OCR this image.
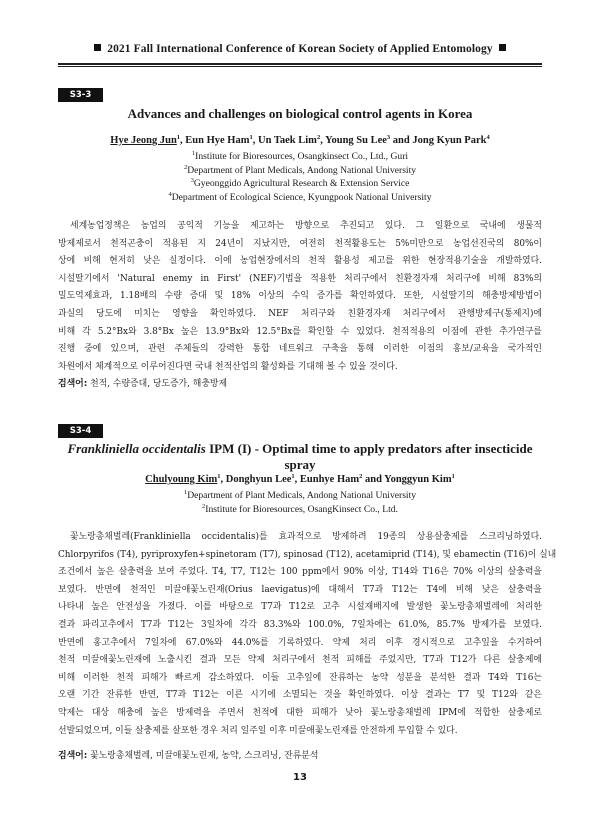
2021 Fall International Conference of Korean Society of Applied Entomology
S3-3
Advances and challenges on biological control agents in Korea
Hye Jeong Jun$^1$, Eun Hye Ham$^1$, Un Taek Lim$^2$, Young Su Lee$^3$ and Jong Kyun Park$^4$
$^1$Institute for Bioresources, Osangkinsect Co., Ltd., Guri
$^2$Department of Plant Medicals, Andong National University
$^3$Gyeonggido Agricultural Research & Extension Service
$^4$Department of Ecological Science, Kyungpook National University
세계농업정책은 농업의 공익적 기능을 제고하는 방향으로 추진되고 있다. 그 일환으로 국내에 생물적
방제제로서 천적곤충이 적용된 지 24년이 지났지만, 여전히 천적활용도는 5%미만으로 농업선진국의 80%이
상에 비해 현저히 낮은 실정이다. 이에 농업현장에서의 천적 활용성 제고를 위한 현장적용기술을 개발하였다.
시설딸기에서 'Natural enemy in First' (NEF)기법을 적용한 처리구에서 친환경자재 처리구에 비해 83%의
밀도억제효과, 1.18배의 수량 증대 및 18% 이상의 수익 증가를 확인하였다. 또한, 시설딸기의 해충방제방법이
과실의 당도에 미치는 영향을 확인하였다. NEF 처리구와 친환경자재 처리구에서 관행방제구(통제지)에
비해 각 5.2°Bx와 3.8°Bx 높은 13.9°Bx와 12.5°Bx를 확인할 수 있었다. 천적적용의 이점에 관한 추가연구를
진행 중에 있으며, 관련 주체들의 강력한 통합 네트워크 구축을 통해 이러한 이점의 홍보/교육을 국가적인
차원에서 체계적으로 이루어진다면 국내 천적산업의 활성화를 기대해 볼 수 있을 것이다.
검색어: 천적, 수량증대, 당도증가, 해충방제
S3-4
Frankliniella occidentalis IPM (I) - Optimal time to apply predators after insecticide spray
Chulyoung Kim$^1$, Donghyun Lee$^1$, Eunhye Ham$^2$ and Yonggyun Kim$^1$
$^1$Department of Plant Medicals, Andong National University
$^2$Institute for Bioresources, OsangKinsect Co., Ltd.
꽃노랑총채벌레(Frankliniella occidentalis)를 효과적으로 방제하려 19종의 상용살충제를 스크리닝하였다.
Chlorpyrifos (T4), pyriproxyfen+spinetoram (T7), spinosad (T12), acetamiprid (T14), 및 ebamectin (T16)이 실내
조건에서 높은 살충력을 보여 주었다. T4, T7, T12는 100 ppm에서 90% 이상, T14와 T16은 70% 이상의 살충력을
보였다. 반면에 천적인 미끌애꽃노린재(Orius laevigatus)에 대해서 T7과 T12는 T4에 비해 낮은 살충력을
나타내 높은 안전성을 가졌다. 이를 바탕으로 T7과 T12로 고추 시설재배지에 발생한 꽃노랑총채벌레에 처리한
결과 파리고추에서 T7과 T12는 3일차에 각각 83.3%와 100.0%, 7일차에는 61.0%, 85.7% 방제가를 보였다.
반면에 홍고추에서 7일차에 67.0%와 44.0%를 기록하였다. 약제 처리 이후 경시적으로 고추잎을 수거하여
천적 미끌애꽃노린재에 노출시킨 결과 모든 약제 처리구에서 천적 피해를 주었지만, T7과 T12가 다른 살충제에
비해 이러한 천적 피해가 빠르게 감소하였다. 이들 고추잎에 잔류하는 농약 성분을 분석한 결과 T4와 T16는
오랜 기간 잔류한 반면, T7과 T12는 이른 시기에 소멸되는 것을 확인하였다. 이상 결과는 T7 및 T12와 같은
약제는 대상 해충에 높은 방제력을 주면서 천적에 대한 피해가 낮아 꽃노랑총채벌레 IPM에 적합한 살충제로
선발되었으며, 이들 살충제를 살포한 경우 처리 일주일 이후 미끌애꽃노린재를 안전하게 투입할 수 있다.
검색어: 꽃노랑총채벌레, 미끌애꽃노린재, 농약, 스크리닝, 잔류분석
13
